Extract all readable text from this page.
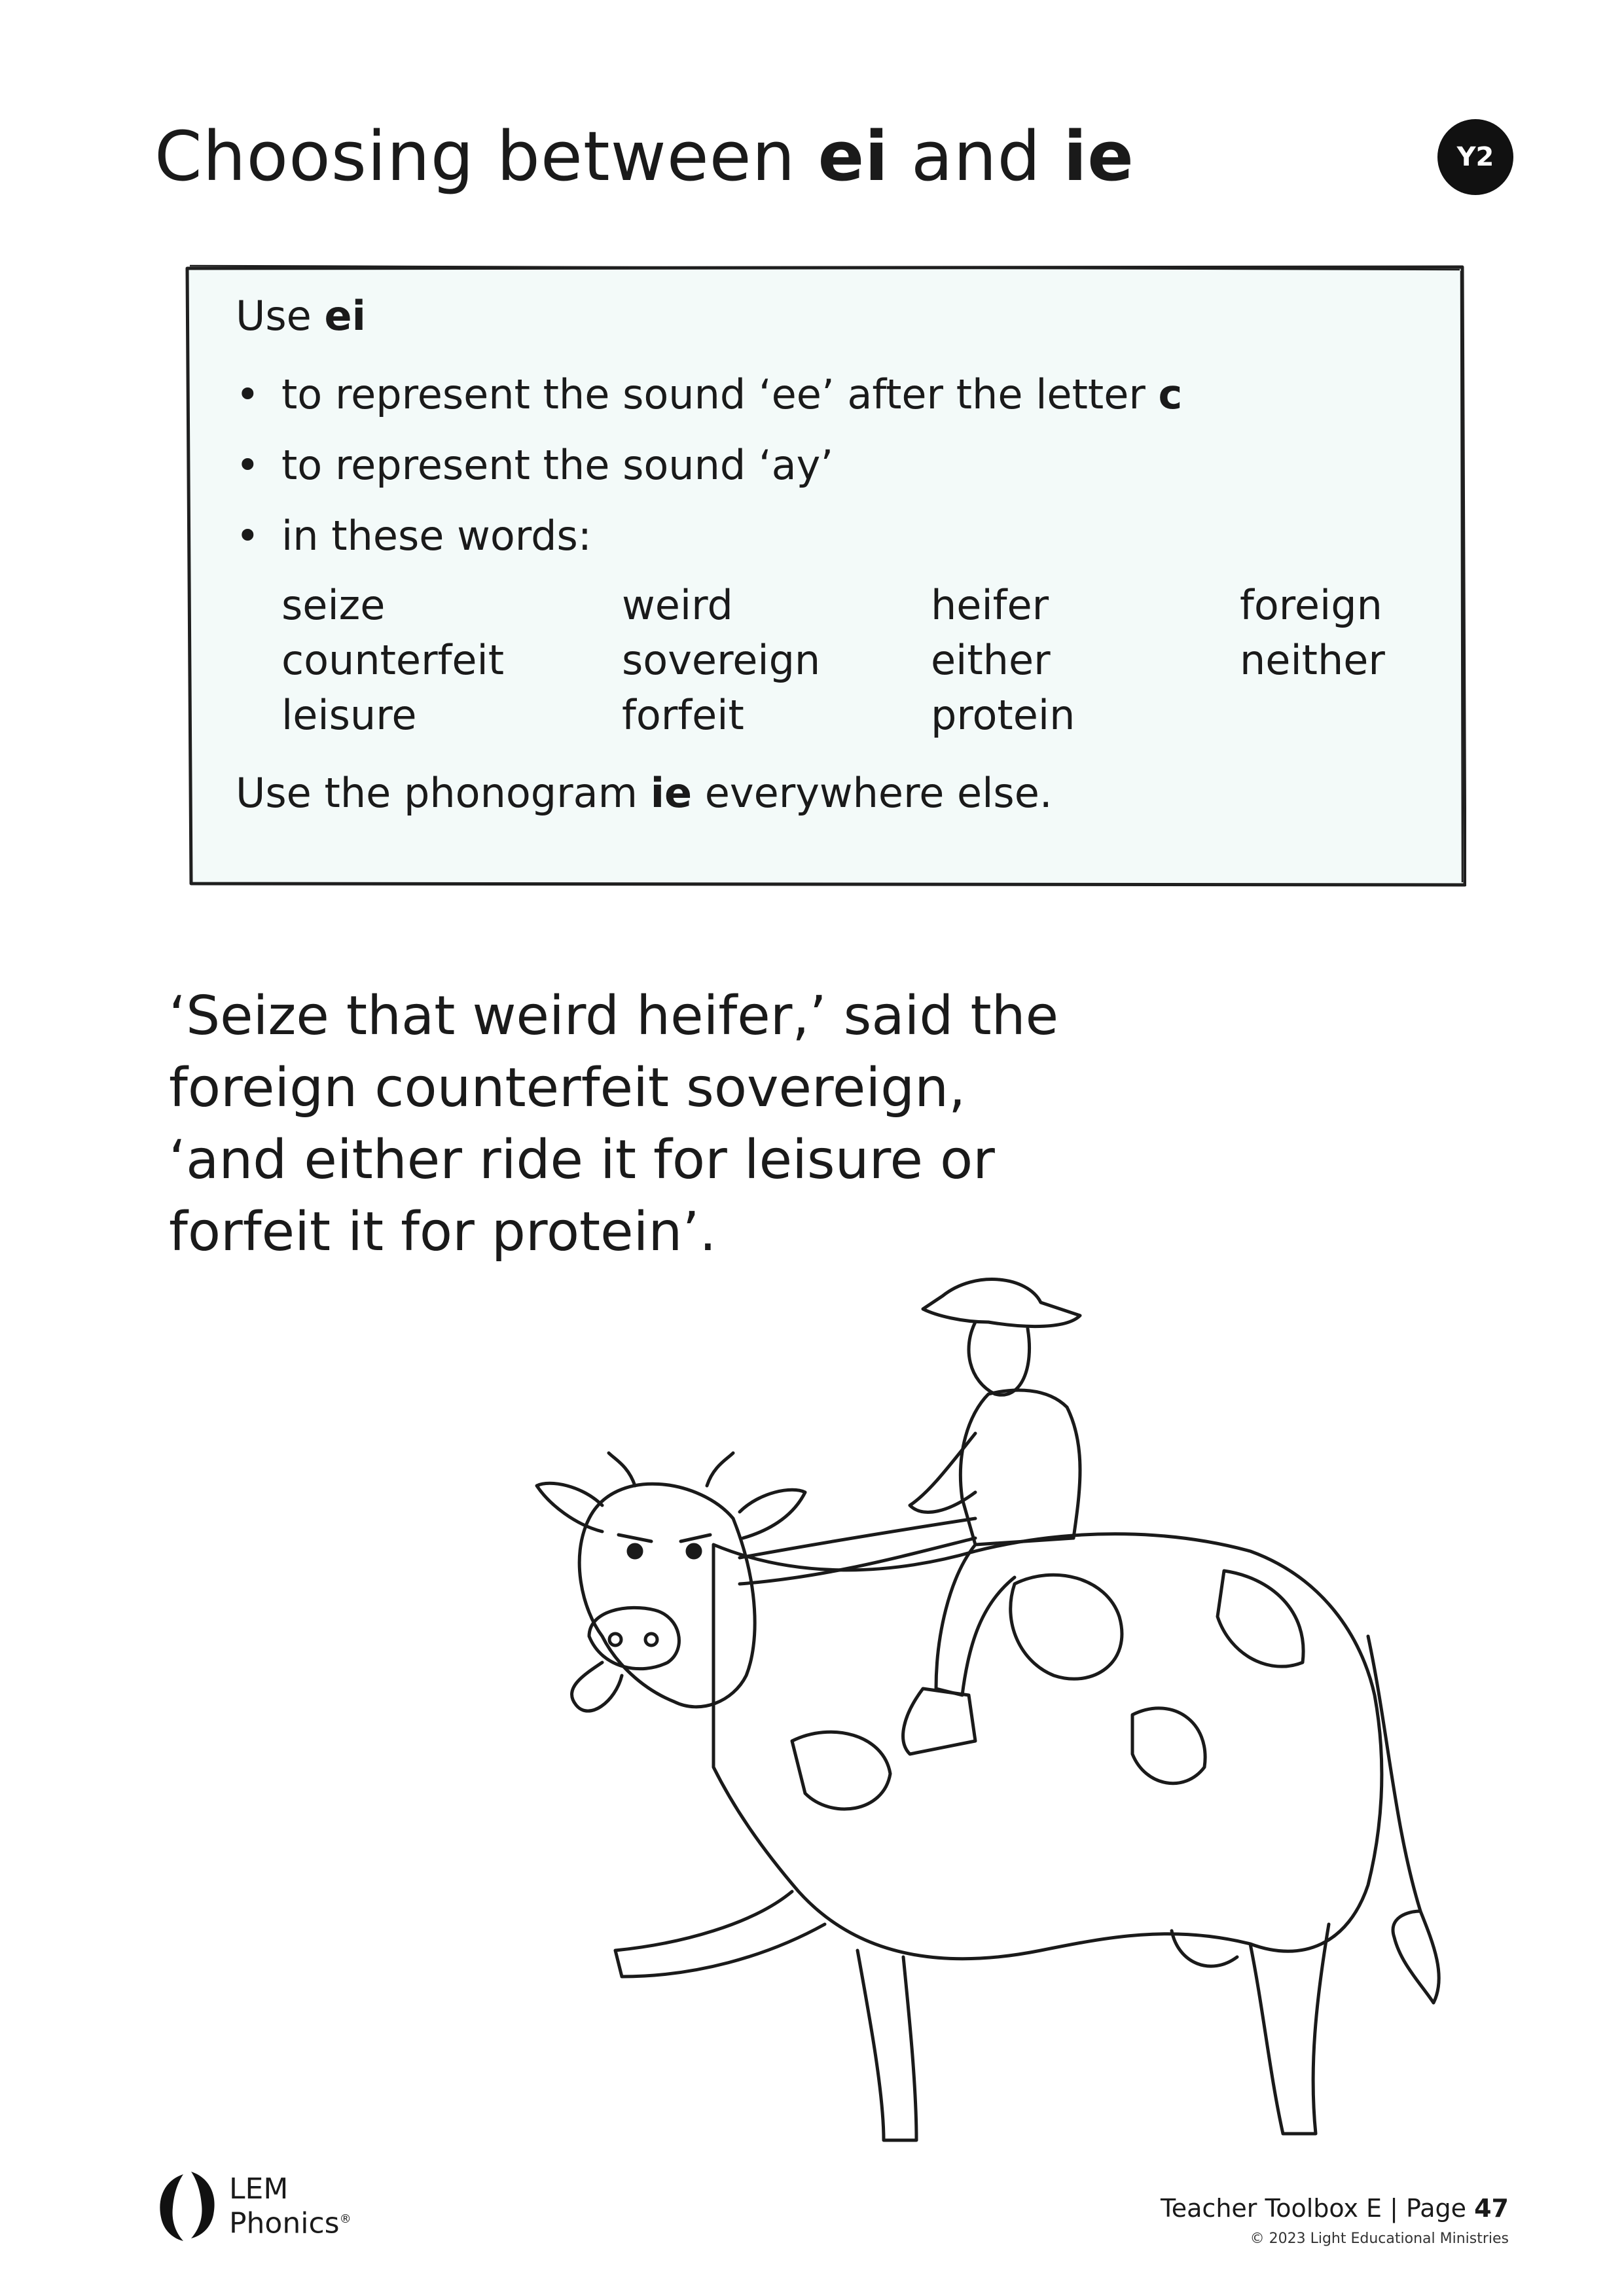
Choosing between ei and ie	Y2

Use ei

• to represent the sound ‘ee’ after the letter c
• to represent the sound ‘ay’
• in these words:
seize	weird	heifer	foreign
counterfeit	sovereign	either	neither
leisure	forfeit	protein

Use the phonogram ie everywhere else.

‘Seize that weird heifer,’ said the
foreign counterfeit sovereign,
‘and either ride it for leisure or
forfeit it for protein’.

LEM
Phonics®	Teacher Toolbox E | Page 47
© 2023 Light Educational Ministries
